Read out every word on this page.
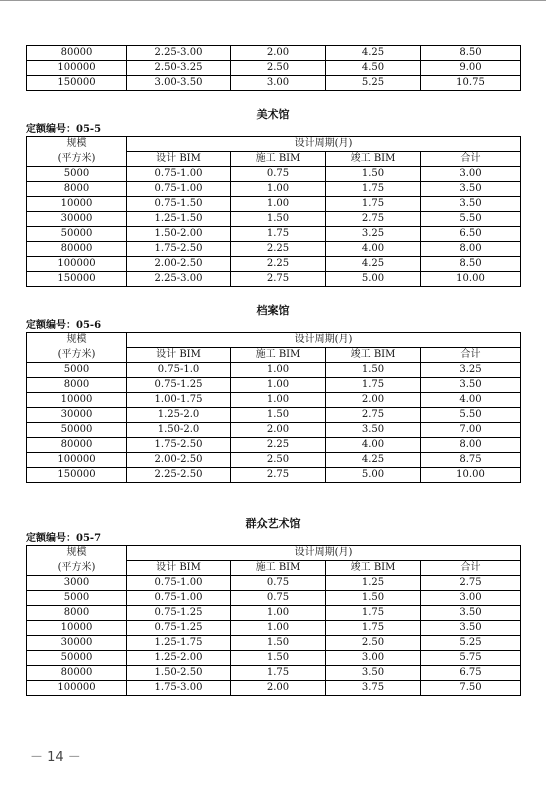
80000	2.25-3.00	2.00	4.25	8.50
100000	2.50-3.25	2.50	4.50	9.00
150000	3.00-3.50	3.00	5.25	10.75
美术馆
定额编号：05-5
规模	设计周期(月)			
(平方米)	设计 BIM	施工 BIM	竣工 BIM	合计
5000	0.75-1.00	0.75	1.50	3.00
8000	0.75-1.00	1.00	1.75	3.50
10000	0.75-1.50	1.00	1.75	3.50
30000	1.25-1.50	1.50	2.75	5.50
50000	1.50-2.00	1.75	3.25	6.50
80000	1.75-2.50	2.25	4.00	8.00
100000	2.00-2.50	2.25	4.25	8.50
150000	2.25-3.00	2.75	5.00	10.00
档案馆
定额编号：05-6
规模	设计周期(月)			
(平方米)	设计 BIM	施工 BIM	竣工 BIM	合计
5000	0.75-1.0	1.00	1.50	3.25
8000	0.75-1.25	1.00	1.75	3.50
10000	1.00-1.75	1.00	2.00	4.00
30000	1.25-2.0	1.50	2.75	5.50
50000	1.50-2.0	2.00	3.50	7.00
80000	1.75-2.50	2.25	4.00	8.00
100000	2.00-2.50	2.50	4.25	8.75
150000	2.25-2.50	2.75	5.00	10.00
群众艺术馆
定额编号：05-7
规模	设计周期(月)			
(平方米)	设计 BIM	施工 BIM	竣工 BIM	合计
3000	0.75-1.00	0.75	1.25	2.75
5000	0.75-1.00	0.75	1.50	3.00
8000	0.75-1.25	1.00	1.75	3.50
10000	0.75-1.25	1.00	1.75	3.50
30000	1.25-1.75	1.50	2.50	5.25
50000	1.25-2.00	1.50	3.00	5.75
80000	1.50-2.50	1.75	3.50	6.75
100000	1.75-3.00	2.00	3.75	7.50
－ 14 －
